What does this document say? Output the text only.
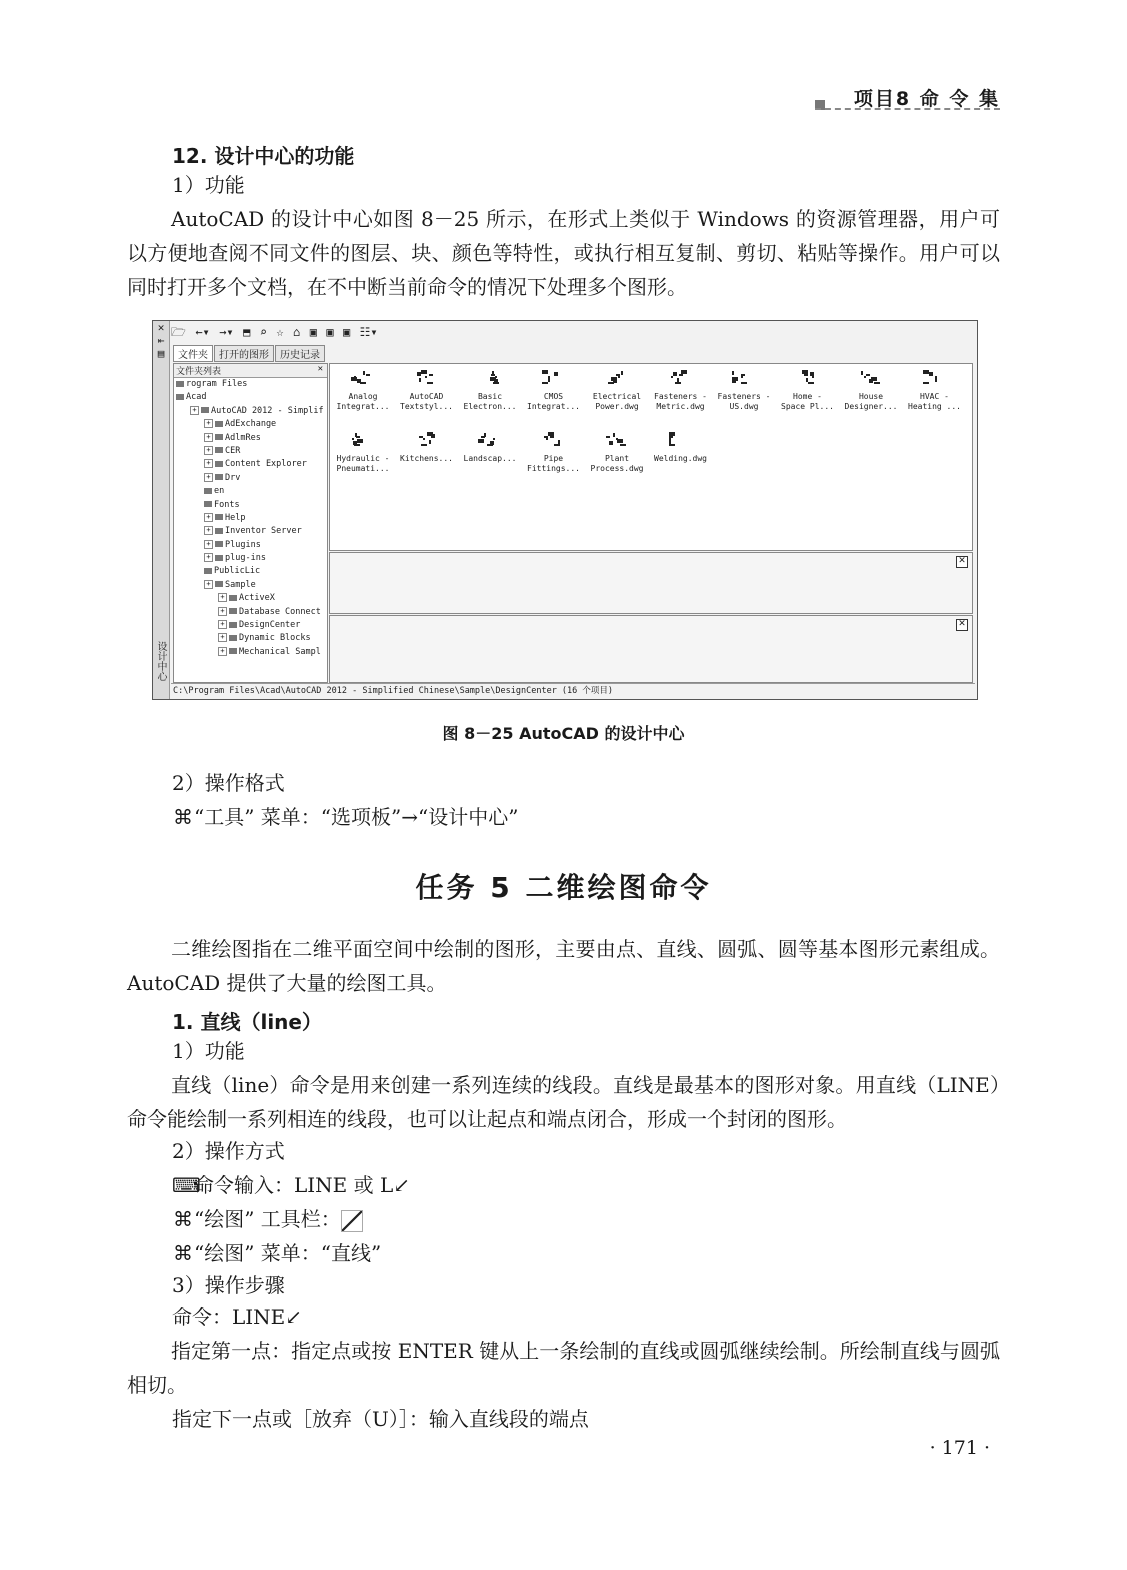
项目8 命 令 集
12. 设计中心的功能
1）功能
AutoCAD 的设计中心如图 8－25 所示，在形式上类似于 Windows 的资源管理器，用户可以方便地查阅不同文件的图层、块、颜色等特性，或执行相互复制、剪切、粘贴等操作。用户可以同时打开多个文档，在不中断当前命令的情况下处理多个图形。
✕
⇤
▤
设计中心
🗁 ←▾ →▾ ⬒ ⌕ ☆ ⌂ ▣ ▣ ▣ ☷▾
文件夹 打开的图形 历史记录
文件夹列表	✕
rogram Files
Acad
+ AutoCAD 2012 - Simplif
+ AdExchange
+ AdlmRes
+ CER
+ Content Explorer
+ Drv
en
Fonts
+ Help
+ Inventor Server
+ Plugins
+ plug-ins
PublicLic
+ Sample
+ ActiveX
+ Database Connect
+ DesignCenter
+ Dynamic Blocks
+ Mechanical Sampl
Analog
Integrat...
AutoCAD
Textstyl...
Basic
Electron...
CMOS
Integrat...
Electrical
Power.dwg
Fasteners -
Metric.dwg
Fasteners -
US.dwg
Home -
Space Pl...
House
Designer...
HVAC -
Heating ...
Hydraulic -
Pneumati...
Kitchens...	Landscap...	Pipe
Fittings...
Plant
Process.dwg
Welding.dwg
✕
✕
C:\Program Files\Acad\AutoCAD 2012 - Simplified Chinese\Sample\DesignCenter (16 个项目)
图 8－25 AutoCAD 的设计中心
2）操作格式
⌘“工具” 菜单：“选项板”→“设计中心”
任务 5 二维绘图命令
二维绘图指在二维平面空间中绘制的图形，主要由点、直线、圆弧、圆等基本图形元素组成。AutoCAD 提供了大量的绘图工具。
1. 直线（line）
1）功能
直线（line）命令是用来创建一系列连续的线段。直线是最基本的图形对象。用直线（LINE）命令能绘制一系列相连的线段，也可以让起点和端点闭合，形成一个封闭的图形。
2）操作方式
⌨命令输入：LINE 或 L↙
⌘“绘图” 工具栏：
⌘“绘图” 菜单：“直线”
3）操作步骤
命令：LINE↙
指定第一点：指定点或按 ENTER 键从上一条绘制的直线或圆弧继续绘制。所绘制直线与圆弧相切。
指定下一点或［放弃（U）］：输入直线段的端点
· 171 ·
